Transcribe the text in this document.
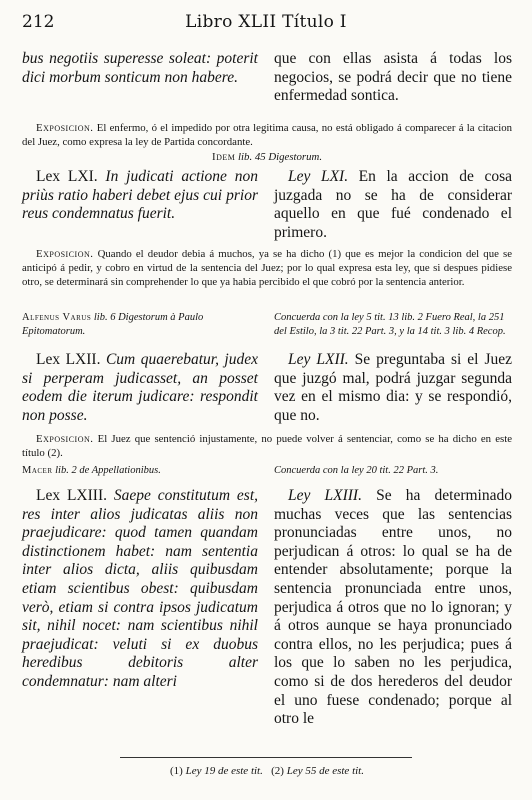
212	Libro XLII Título I
bus negotiis superesse soleat: poterit dici morbum sonticum non habere.
que con ellas asista á todas los negocios, se podrá decir que no tiene enfermedad sontica.
Exposicion. El enfermo, ó el impedido por otra legitima causa, no está obligado á comparecer á la citacion del Juez, como expresa la ley de Partida concordante.
Idem lib. 45 Digestorum.
Lex LXI. In judicati actione non priùs ratio haberi debet ejus cui prior reus condemnatus fuerit.
Ley LXI. En la accion de cosa juzgada no se ha de considerar aquello en que fué condenado el primero.
Exposicion. Quando el deudor debia á muchos, ya se ha dicho (1) que es mejor la condicion del que se anticipó á pedir, y cobro en virtud de la sentencia del Juez; por lo qual expresa esta ley, que si despues pidiese otro, se determinará sin comprehender lo que ya habia percibido el que cobró por la sentencia anterior.
Alfenus Varus lib. 6 Digestorum à Paulo Epitomatorum.
Concuerda con la ley 5 tit. 13 lib. 2 Fuero Real, la 251 del Estilo, la 3 tit. 22 Part. 3, y la 14 tit. 3 lib. 4 Recop.
Lex LXII. Cum quaerebatur, judex si perperam judicasset, an posset eodem die iterum judicare: respondit non posse.
Ley LXII. Se preguntaba si el Juez que juzgó mal, podrá juzgar segunda vez en el mismo dia: y se respondió, que no.
Exposicion. El Juez que sentenció injustamente, no puede volver á sentenciar, como se ha dicho en este título (2).
Macer lib. 2 de Appellationibus.	Concuerda con la ley 20 tit. 22 Part. 3.
Lex LXIII. Saepe constitutum est, res inter alios judicatas aliis non praejudicare: quod tamen quandam distinctionem habet: nam sententia inter alios dicta, aliis quibusdam etiam scientibus obest: quibusdam verò, etiam si contra ipsos judicatum sit, nihil nocet: nam scientibus nihil praejudicat: veluti si ex duobus heredibus debitoris alter condemnatur: nam alteri
Ley LXIII. Se ha determinado muchas veces que las sentencias pronunciadas entre unos, no perjudican á otros: lo qual se ha de entender absolutamente; porque la sentencia pronunciada entre unos, perjudica á otros que no lo ignoran; y á otros aunque se haya pronunciado contra ellos, no les perjudica; pues á los que lo saben no les perjudica, como si de dos herederos del deudor el uno fuese condenado; porque al otro le
(1) Ley 19 de este tit. (2) Ley 55 de este tit.
